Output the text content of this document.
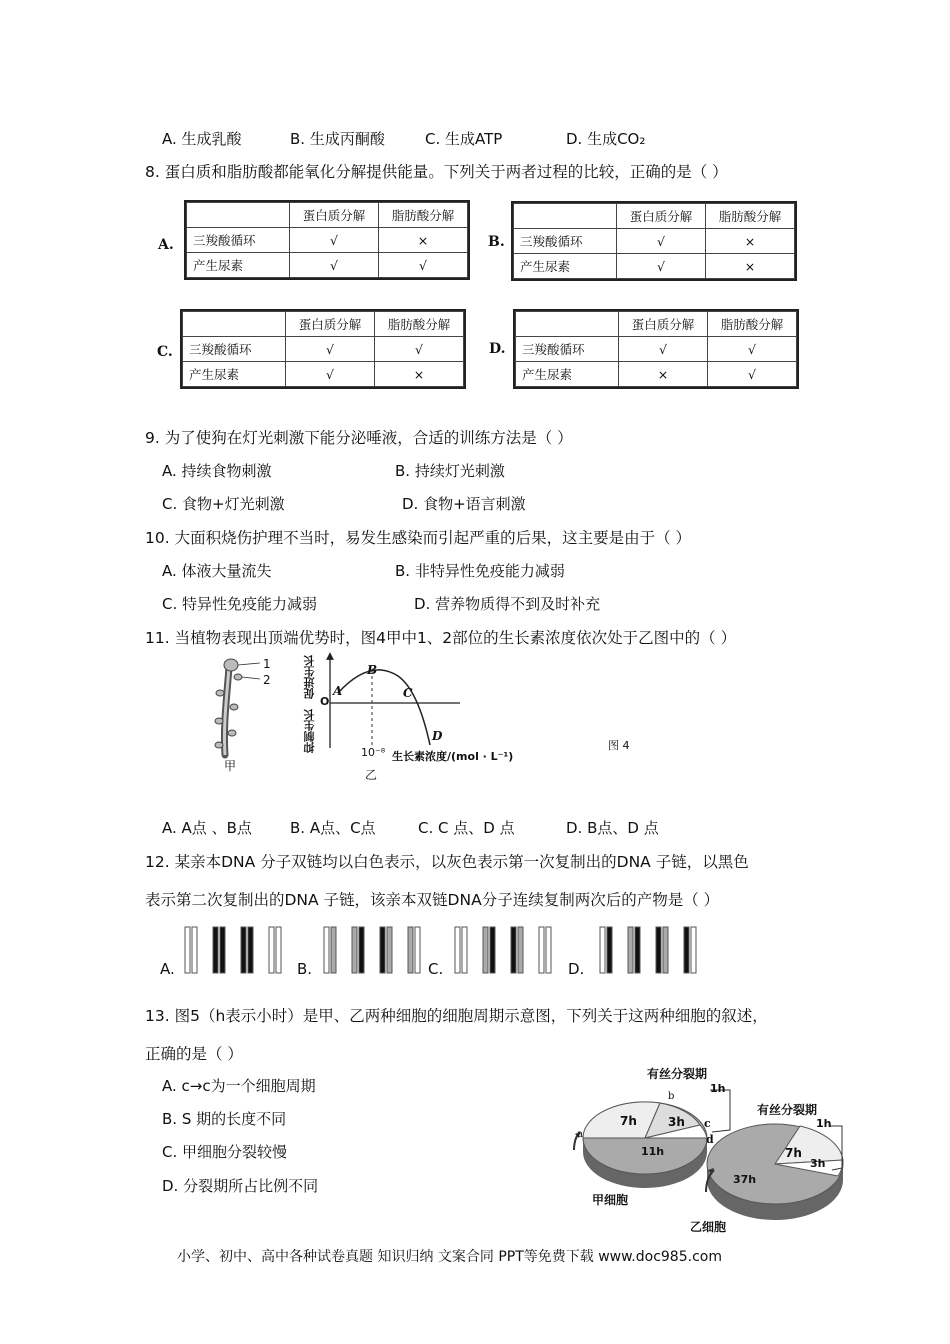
A. 生成乳酸	B. 生成丙酮酸	C. 生成ATP	D. 生成CO₂
8. 蛋白质和脂肪酸都能氧化分解提供能量。下列关于两者过程的比较，正确的是（ ）
A.
	蛋白质分解	脂肪酸分解
三羧酸循环	√	×
产生尿素	√	√
B.
	蛋白质分解	脂肪酸分解
三羧酸循环	√	×
产生尿素	√	×
C.
	蛋白质分解	脂肪酸分解
三羧酸循环	√	√
产生尿素	√	×
D.
	蛋白质分解	脂肪酸分解
三羧酸循环	√	√
产生尿素	×	√
9. 为了使狗在灯光刺激下能分泌唾液，合适的训练方法是（ ）
A. 持续食物刺激	B. 持续灯光刺激
C. 食物+灯光刺激	D. 食物+语言刺激
10. 大面积烧伤护理不当时，易发生感染而引起严重的后果，这主要是由于（ ）
A. 体液大量流失	B. 非特异性免疫能力减弱
C. 特异性免疫能力减弱	D. 营养物质得不到及时补充
11. 当植物表现出顶端优势时，图4甲中1、2部位的生长素浓度依次处于乙图中的（ ）
1
2
甲
促进生长
抑制生长
O
A
B
C
D
10⁻⁸ 生长素浓度/(mol · L⁻¹)
乙
图 4
A. A点 、B点	B. A点、C点	C. C 点、D 点	D. B点、D 点
12. 某亲本DNA 分子双链均以白色表示，以灰色表示第一次复制出的DNA 子链，以黑色
表示第二次复制出的DNA 子链，该亲本双链DNA分子连续复制两次后的产物是（ ）
A.	B.	C.	D.
13. 图5（h表示小时）是甲、乙两种细胞的细胞周期示意图，下列关于这两种细胞的叙述，
正确的是（ ）
A. c→c为一个细胞周期
B. S 期的长度不同
C. 甲细胞分裂较慢
D. 分裂期所占比例不同
有丝分裂期
1h
7h	3h
11h
a
b
c
d
甲细胞
有丝分裂期
1h
7h
3h
37h
乙细胞
小学、初中、高中各种试卷真题 知识归纳 文案合同 PPT等免费下载 www.doc985.com
